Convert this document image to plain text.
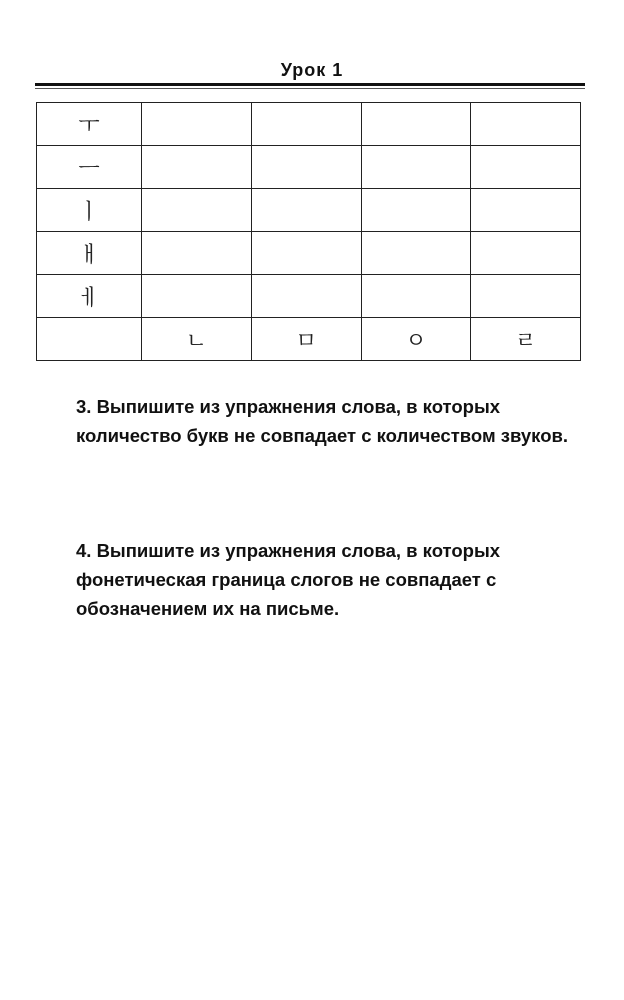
Урок 1
ㅜ				
ㅡ				
ㅣ				
ㅐ				
ㅔ				
	ㄴ	ㅁ	ㅇ	ㄹ

3. Выпишите из упражнения слова, в которых количество букв не совпадает с количеством звуков.

4. Выпишите из упражнения слова, в которых фонетическая граница слогов не совпадает с обозначением их на письме.
